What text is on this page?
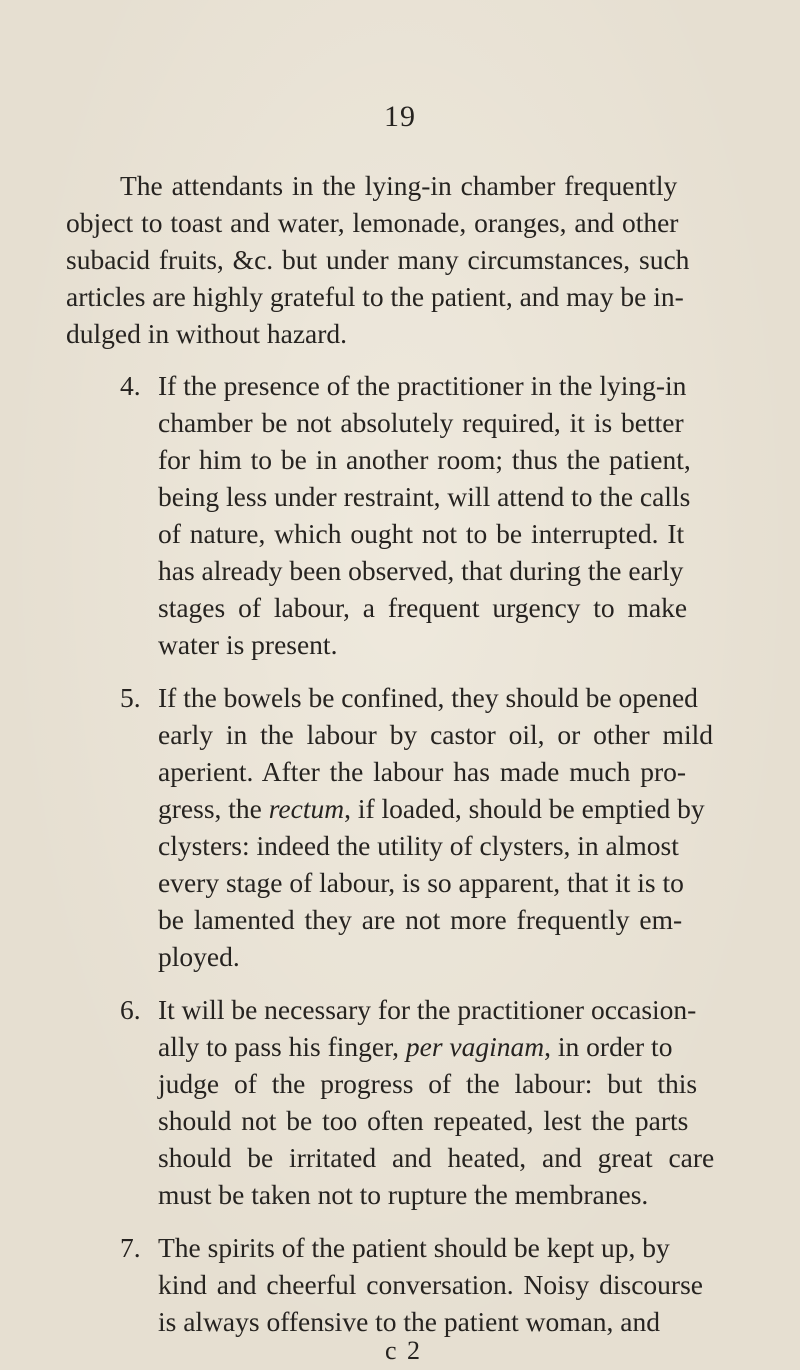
19
The attendants in the lying-in chamber frequently
object to toast and water, lemonade, oranges, and other
subacid fruits, &c. but under many circumstances, such
articles are highly grateful to the patient, and may be in-
dulged in without hazard.
4. If the presence of the practitioner in the lying-in
chamber be not absolutely required, it is better
for him to be in another room; thus the patient,
being less under restraint, will attend to the calls
of nature, which ought not to be interrupted. It
has already been observed, that during the early
stages of labour, a frequent urgency to make
water is present.
5. If the bowels be confined, they should be opened
early in the labour by castor oil, or other mild
aperient. After the labour has made much pro-
gress, the rectum, if loaded, should be emptied by
clysters: indeed the utility of clysters, in almost
every stage of labour, is so apparent, that it is to
be lamented they are not more frequently em-
ployed.
6. It will be necessary for the practitioner occasion-
ally to pass his finger, per vaginam, in order to
judge of the progress of the labour: but this
should not be too often repeated, lest the parts
should be irritated and heated, and great care
must be taken not to rupture the membranes.
7. The spirits of the patient should be kept up, by
kind and cheerful conversation. Noisy discourse
is always offensive to the patient woman, and
c 2
